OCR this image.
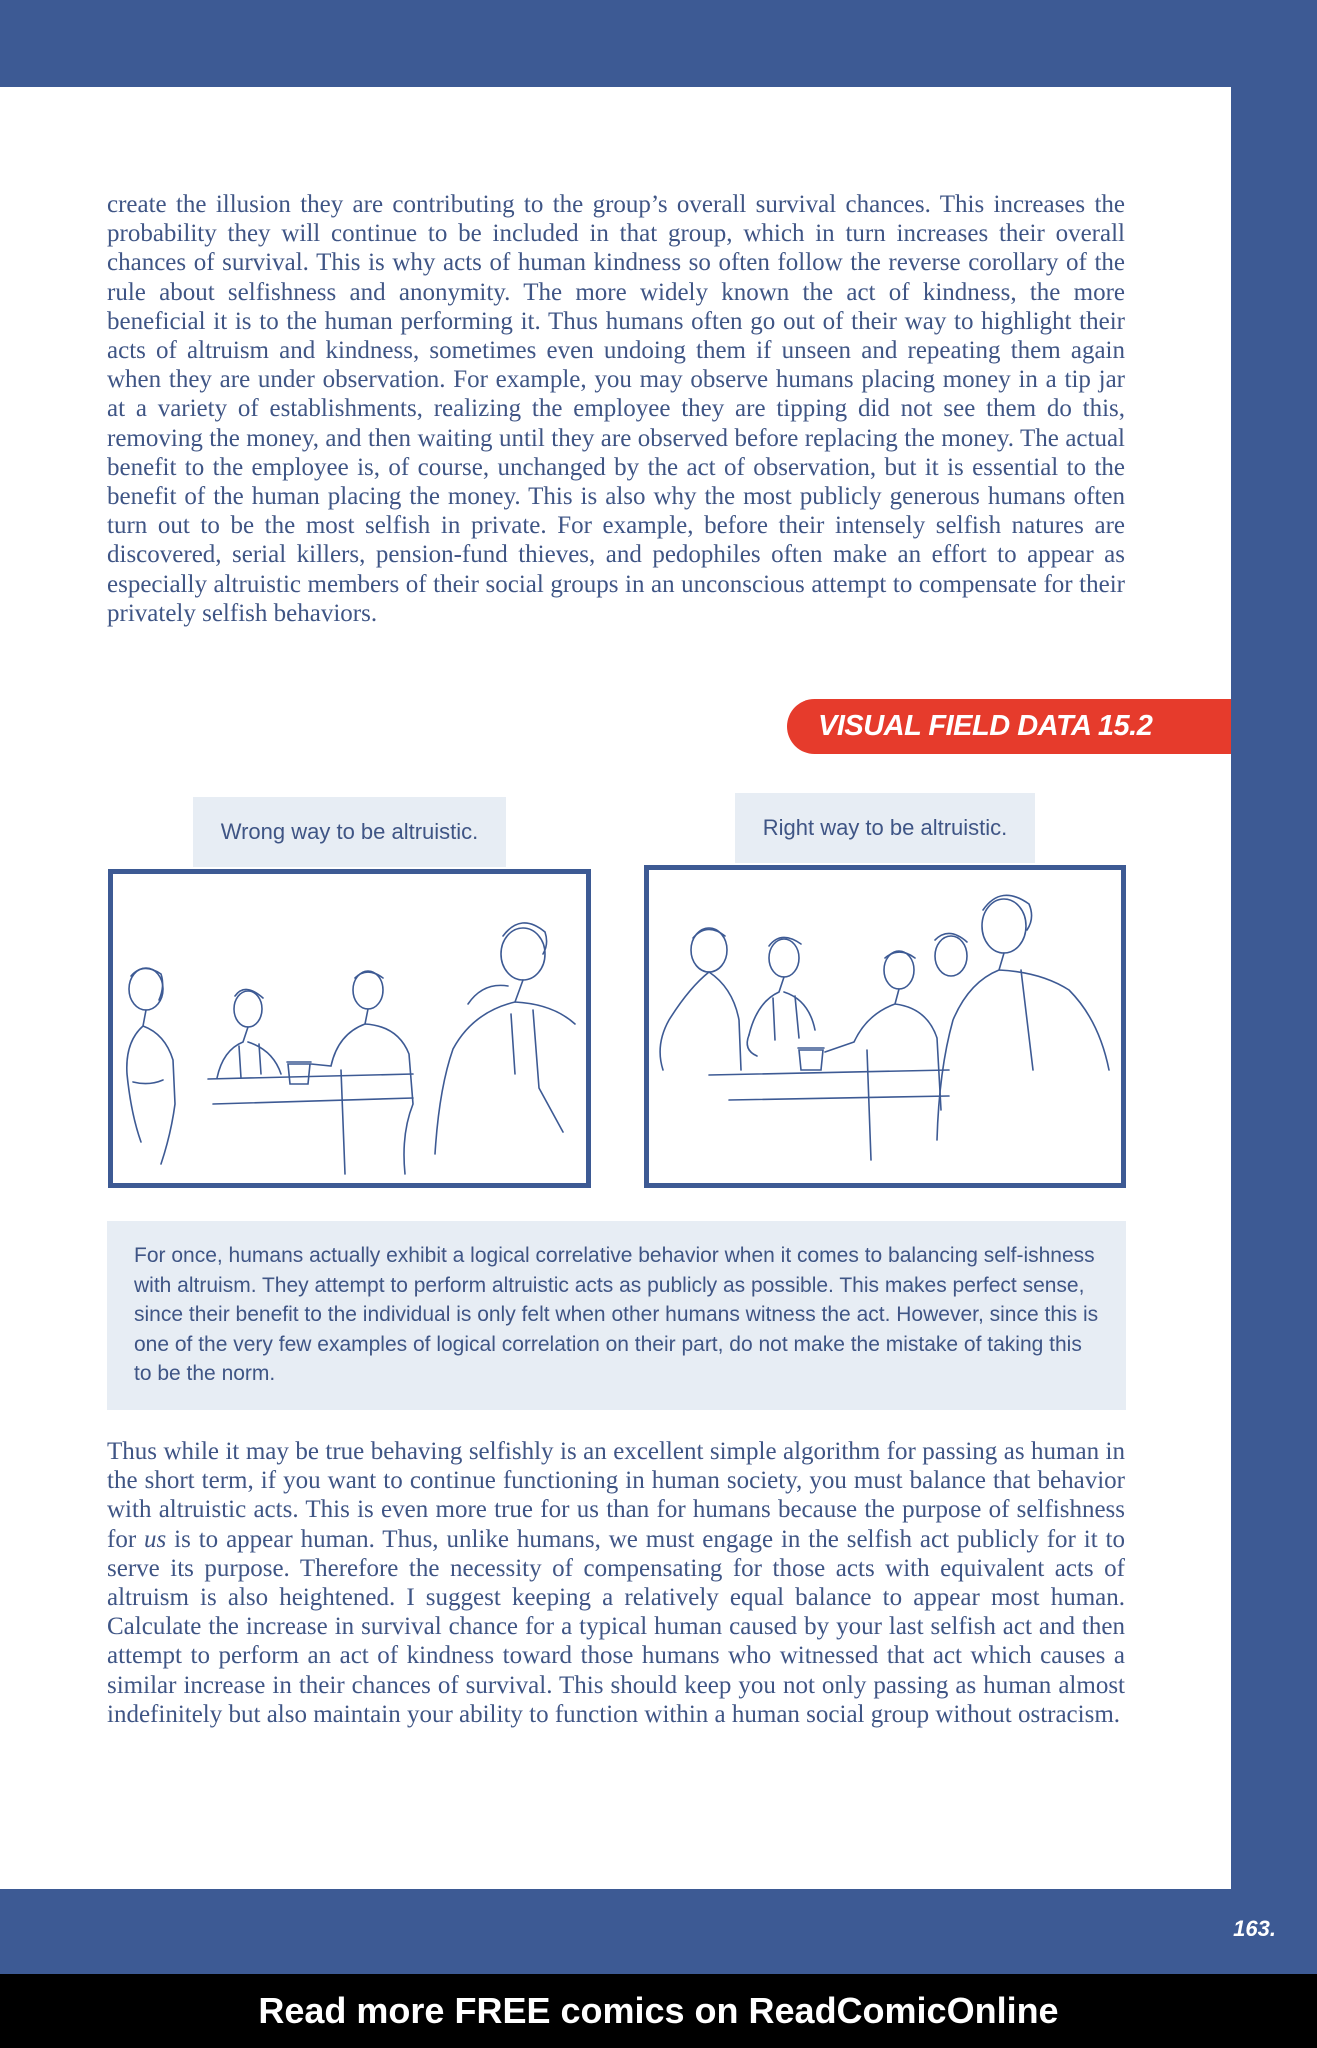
create the illusion they are contributing to the group’s overall survival chances. This increases the probability they will continue to be included in that group, which in turn increases their overall chances of survival. This is why acts of human kindness so often follow the reverse corollary of the rule about selfishness and anonymity. The more widely known the act of kindness, the more beneficial it is to the human performing it. Thus humans often go out of their way to highlight their acts of altruism and kindness, sometimes even undoing them if unseen and repeating them again when they are under observation. For example, you may observe humans placing money in a tip jar at a variety of establishments, realizing the employee they are tipping did not see them do this, removing the money, and then waiting until they are observed before replacing the money. The actual benefit to the employee is, of course, unchanged by the act of observation, but it is essential to the benefit of the human placing the money. This is also why the most publicly generous humans often turn out to be the most selfish in private. For example, before their intensely selfish natures are discovered, serial killers, pension-fund thieves, and pedophiles often make an effort to appear as especially altruistic members of their social groups in an unconscious attempt to compensate for their privately selfish behaviors.

VISUAL FIELD DATA 15.2
Wrong way to be altruistic.	Right way to be altruistic.

For once, humans actually exhibit a logical correlative behavior when it comes to balancing self-ishness with altruism. They attempt to perform altruistic acts as publicly as possible. This makes perfect sense, since their benefit to the individual is only felt when other humans witness the act. However, since this is one of the very few examples of logical correlation on their part, do not make the mistake of taking this to be the norm.

Thus while it may be true behaving selfishly is an excellent simple algorithm for passing as human in the short term, if you want to continue functioning in human society, you must balance that behavior with altruistic acts. This is even more true for us than for humans because the purpose of selfishness for us is to appear human. Thus, unlike humans, we must engage in the selfish act publicly for it to serve its purpose. Therefore the necessity of compensating for those acts with equivalent acts of altruism is also heightened. I suggest keeping a relatively equal balance to appear most human. Calculate the increase in survival chance for a typical human caused by your last selfish act and then attempt to perform an act of kindness toward those humans who witnessed that act which causes a similar increase in their chances of survival. This should keep you not only passing as human almost indefinitely but also maintain your ability to function within a human social group without ostracism.

163.
Read more FREE comics on ReadComicOnline
